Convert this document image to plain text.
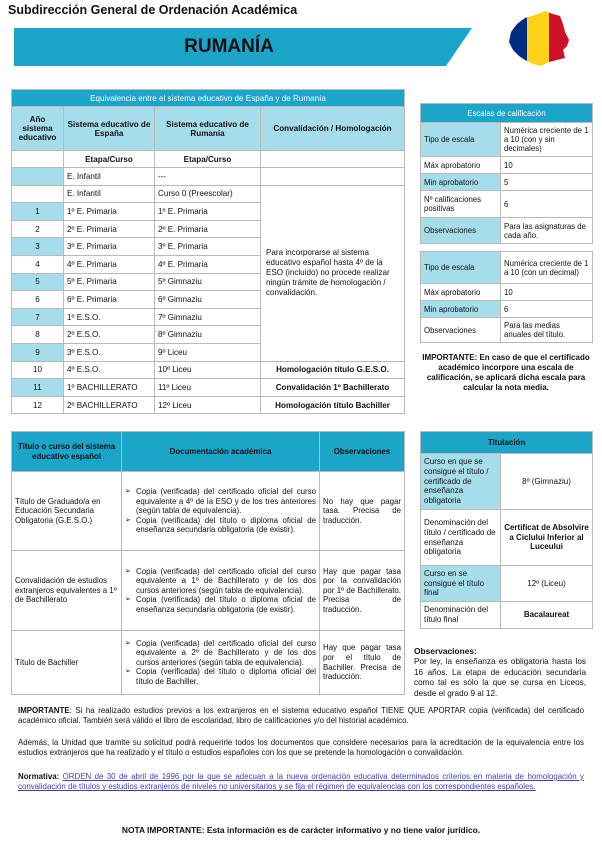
Subdirección General de Ordenación Académica
RUMANÍA
Equivalencia entre el sistema educativo de España y de Rumanía			
Año sistema educativo	Sistema educativo de España	Sistema educativo de Rumanía	Convalidación / Homologación
	Etapa/Curso	Etapa/Curso	
	E. Infantil	---	
	E. Infantil	Curso 0 (Preescolar)	Para incorporarse al sistema educativo español hasta 4º de la ESO (incluido) no procede realizar ningún trámite de homologación / convalidación.
1	1º E. Primaria	1º E. Primaria	
2	2º E. Primaria	2º E. Primaria	
3	3º E. Primaria	3º E. Primaria	
4	4º E. Primaria	4º E. Primaria	
5	5º E. Primaria	5º Gimnaziu	
6	6º E. Primaria	6º Gimnaziu	
7	1º E.S.O.	7º Gimnaziu	
8	2º E.S.O.	8º Gimnaziu	
9	3º E.S.O.	9º Liceu	
10	4º E.S.O.	10º Liceu	Homologación título G.E.S.O.
11	1º BACHILLERATO	11º Liceu	Convalidación 1º Bachillerato
12	2º BACHILLERATO	12º Liceu	Homologación título Bachiller
Escalas de calificación	
Tipo de escala	Numérica creciente de 1 a 10 (con y sin decimales)
Máx aprobatorio	10
Min aprobatorio	5
Nº calificaciones positivas	6
Observaciones	Para las asignaturas de cada año.

Tipo de escala	Numérica creciente de 1 a 10 (con un decimal)
Máx aprobatorio	10
Min aprobatorio	6
Observaciones	Para las medias anuales del título.
IMPORTANTE: En caso de que el certificado académico incorpore una escala de calificación, se aplicará dicha escala para calcular la nota media.
Título o curso del sistema educativo español	Documentación académica	Observaciones
Título de Graduado/a en Educación Secundaria Obligatoria (G.E.S.O.)	➢ Copia (verificada) del certificado oficial del curso equivalente a 4º de la ESO y de los tres anteriores (según tabla de equivalencia).
➢ Copia (verificada) del título o diploma oficial de enseñanza secundaria obligatoria (de existir).	No hay que pagar tasa. Precisa de traducción.
Convalidación de estudios extranjeros equivalentes a 1º de Bachillerato	➢ Copia (verificada) del certificado oficial del curso equivalente a 1º de Bachillerato y de los dos cursos anteriores (según tabla de equivalencia).
➢ Copia (verificada) del título o diploma oficial de enseñanza secundaria obligatoria (de existir).	Hay que pagar tasa por la convalidación por 1º de Bachillerato. Precisa de traducción.
Título de Bachiller	➢ Copia (verificada) del certificado oficial del curso equivalente a 2º de Bachillerato y de los dos cursos anteriores (según tabla de equivalencia).
➢ Copia (verificada) del título o diploma oficial del título de Bachiller.	Hay que pagar tasa por el título de Bachiller. Precisa de traducción.
Titulación	
Curso en que se consigue el título / certificado de enseñanza obligatoria	8º (Gimnaziu)
Denominación del título / certificado de enseñanza obligatoria	Certificat de Absolvire a Ciclului Inferior al Luceului
Curso en se consigue el título final	12º (Liceu)
Denominación del título final	Bacalaureat
Observaciones:
Por ley, la enseñanza es obligatoria hasta los 16 años. La etapa de educación secundaria como tal es sólo la que se cursa en Liceos, desde el grado 9 al 12.
IMPORTANTE: Si ha realizado estudios previos a los extranjeros en el sistema educativo español TIENE QUE APORTAR copia (verificada) del certificado académico oficial. También será válido el libro de escolaridad, libro de calificaciones y/o del historial académico.
Además, la Unidad que tramite su solicitud podrá requerirle todos los documentos que considere necesarios para la acreditación de la equivalencia entre los estudios extranjeros que ha realizado y el título o estudios españoles con los que se pretende la homologación o convalidación.
Normativa: ORDEN de 30 de abril de 1996 por la que se adecuan a la nueva ordenación educativa determinados criterios en materia de homologación y convalidación de títulos y estudios extranjeros de niveles no universitarios y se fija el régimen de equivalencias con los correspondientes españoles.
NOTA IMPORTANTE: Esta información es de carácter informativo y no tiene valor jurídico.
